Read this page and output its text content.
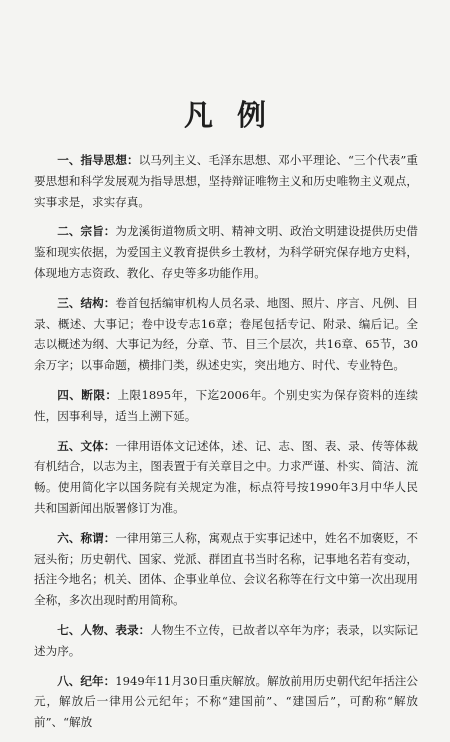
凡例

一、指导思想：以马列主义、毛泽东思想、邓小平理论、“三个代表”重要思想和科学发展观为指导思想，坚持辩证唯物主义和历史唯物主义观点，实事求是，求实存真。

二、宗旨：为龙溪街道物质文明、精神文明、政治文明建设提供历史借鉴和现实依据，为爱国主义教育提供乡土教材，为科学研究保存地方史料，体现地方志资政、教化、存史等多功能作用。

三、结构：卷首包括编审机构人员名录、地图、照片、序言、凡例、目录、概述、大事记；卷中设专志16章；卷尾包括专记、附录、编后记。全志以概述为纲、大事记为经，分章、节、目三个层次，共16章、65节，30余万字；以事命题，横排门类，纵述史实，突出地方、时代、专业特色。

四、断限：上限1895年，下迄2006年。个别史实为保存资料的连续性，因事利导，适当上溯下延。

五、文体：一律用语体文记述体，述、记、志、图、表、录、传等体裁有机结合，以志为主，图表置于有关章目之中。力求严谨、朴实、简洁、流畅。使用简化字以国务院有关规定为准，标点符号按1990年3月中华人民共和国新闻出版署修订为准。

六、称谓：一律用第三人称，寓观点于实事记述中，姓名不加褒贬，不冠头衔；历史朝代、国家、党派、群团直书当时名称，记事地名若有变动，括注今地名；机关、团体、企事业单位、会议名称等在行文中第一次出现用全称，多次出现时酌用简称。

七、人物、表录：人物生不立传，已故者以卒年为序；表录，以实际记述为序。

八、纪年：1949年11月30日重庆解放。解放前用历史朝代纪年括注公元，解放后一律用公元纪年；不称“建国前”、“建国后”，可酌称“解放前”、“解放
